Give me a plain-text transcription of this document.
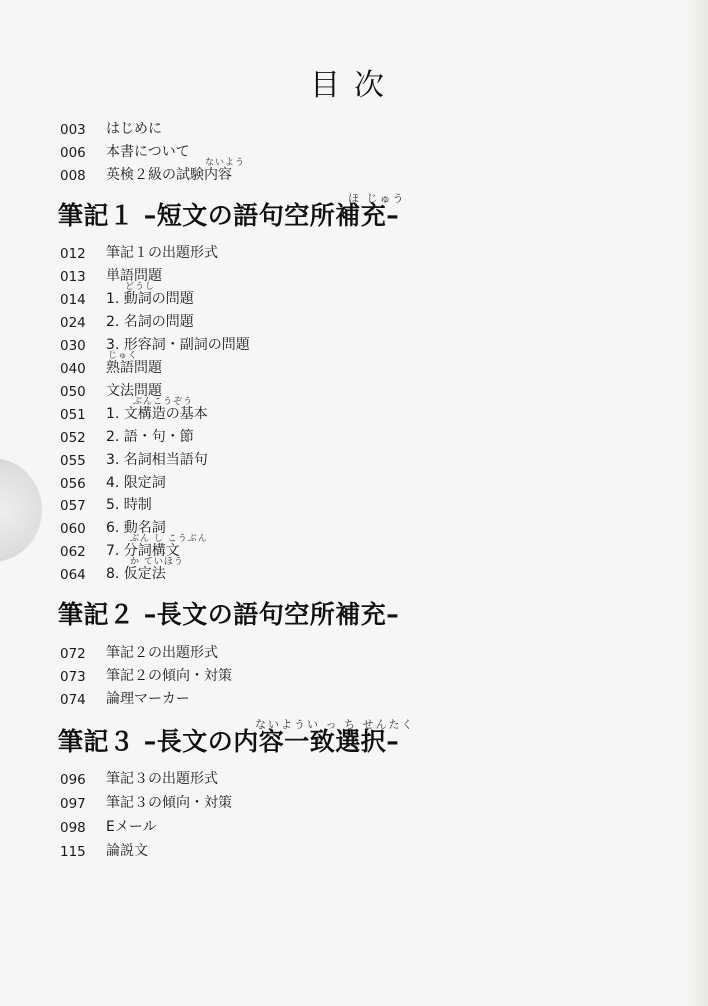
目次
003	はじめに
006	本書について
ないよう
008	英検２級の試験内容
ほ じゅう
筆記１ –短文の語句空所補充–
012	筆記１の出題形式
013	単語問題
どうし
014	1. 動詞の問題
024	2. 名詞の問題
030	3. 形容詞・副詞の問題
じゅく
040	熟語問題
050	文法問題
ぶんこうぞう
051	1. 文構造の基本
052	2. 語・句・節
055	3. 名詞相当語句
056	4. 限定詞
057	5. 時制
060	6. 動名詞
ぶん し こうぶん
062	7. 分詞構文
か ていほう
064	8. 仮定法
筆記２ –長文の語句空所補充–
072	筆記２の出題形式
073	筆記２の傾向・対策
074	論理マーカー
ないようい っ ち せんたく
筆記３ –長文の内容一致選択–
096	筆記３の出題形式
097	筆記３の傾向・対策
098	Eメール
115	論説文
